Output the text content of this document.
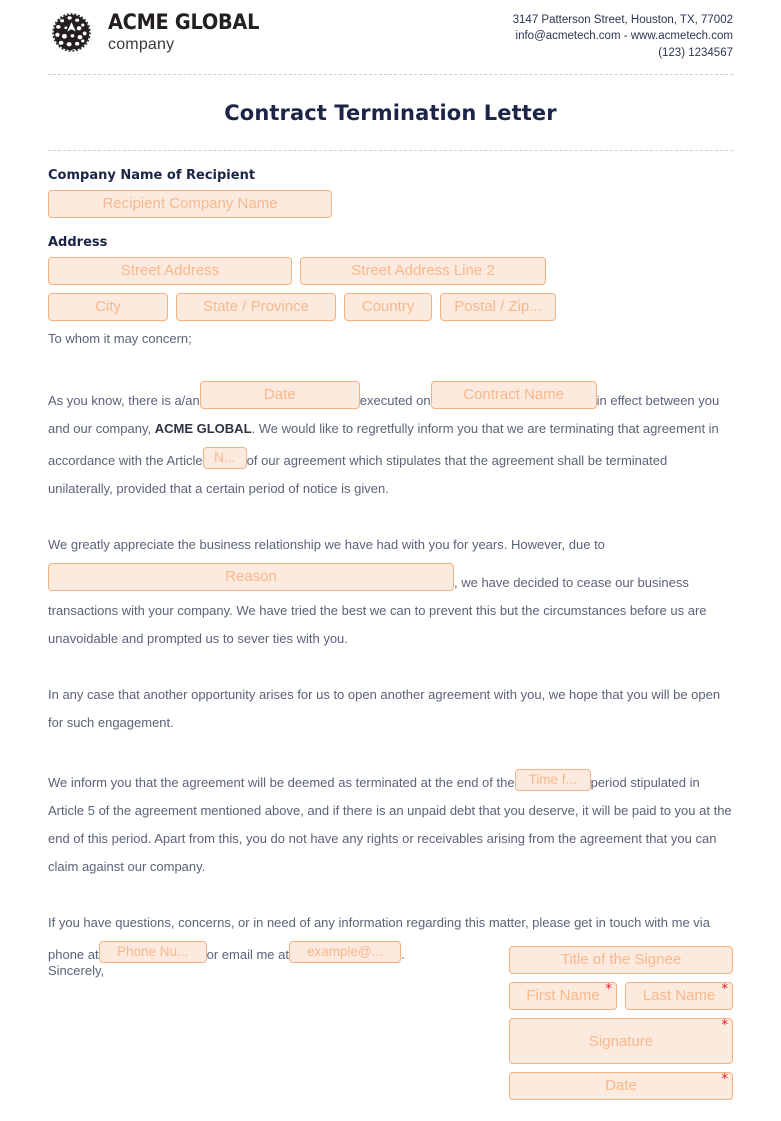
ACME GLOBAL
company
3147 Patterson Street, Houston, TX, 77002
info@acmetech.com - www.acmetech.com
(123) 1234567
Contract Termination Letter
Company Name of Recipient
Recipient Company Name
Address
Street Address	Street Address Line 2
City	State / Province	Country	Postal / Zip...
To whom it may concern;

As you know, there is a/an	Date	executed on Contract Name	in effect between you and our company, ACME GLOBAL. We would like to regretfully inform you that we are terminating that agreement in accordance with the Article N... of our agreement which stipulates that the agreement shall be terminated unilaterally, provided that a certain period of notice is given.

We greatly appreciate the business relationship we have had with you for years. However, due toReason	, we have decided to cease our business transactions with your company. We have tried the best we can to prevent this but the circumstances before us are unavoidable and prompted us to sever ties with you.

In any case that another opportunity arises for us to open another agreement with you, we hope that you will be open for such engagement.

We inform you that the agreement will be deemed as terminated at the end of the Time f... period stipulated in Article 5 of the agreement mentioned above, and if there is an unpaid debt that you deserve, it will be paid to you at the end of this period. Apart from this, you do not have any rights or receivables arising from the agreement that you can claim against our company.

If you have questions, concerns, or in need of any information regarding this matter, please get in touch with me via phone at Phone Nu... or email me at example@... .

Sincerely,
Title of the Signee
First Name *	Last Name *
Signature
*
Date	*
